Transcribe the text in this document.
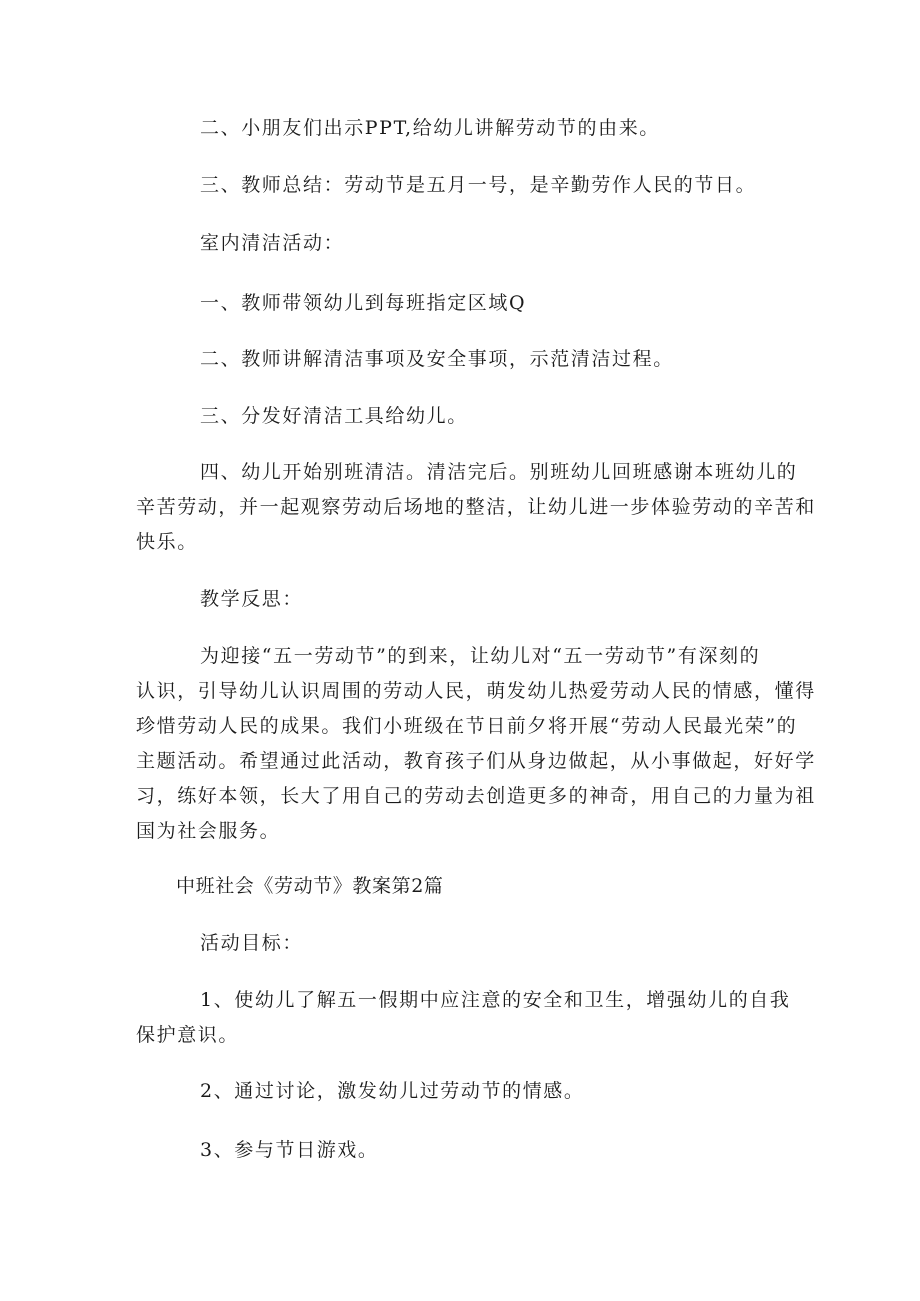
二、小朋友们出示PPT,给幼儿讲解劳动节的由来。

三、教师总结：劳动节是五月一号，是辛勤劳作人民的节日。

室内清洁活动：

一、教师带领幼儿到每班指定区域Q

二、教师讲解清洁事项及安全事项，示范清洁过程。

三、分发好清洁工具给幼儿。

四、幼儿开始别班清洁。清洁完后。别班幼儿回班感谢本班幼儿的
辛苦劳动，并一起观察劳动后场地的整洁，让幼儿进一步体验劳动的辛苦和
快乐。

教学反思：

为迎接“五一劳动节”的到来，让幼儿对“五一劳动节”有深刻的
认识，引导幼儿认识周围的劳动人民，萌发幼儿热爱劳动人民的情感，懂得
珍惜劳动人民的成果。我们小班级在节日前夕将开展“劳动人民最光荣”的
主题活动。希望通过此活动，教育孩子们从身边做起，从小事做起，好好学
习，练好本领，长大了用自己的劳动去创造更多的神奇，用自己的力量为祖
国为社会服务。

中班社会《劳动节》教案第2篇

活动目标：

1、使幼儿了解五一假期中应注意的安全和卫生，增强幼儿的自我
保护意识。

2、通过讨论，激发幼儿过劳动节的情感。

3、参与节日游戏。
